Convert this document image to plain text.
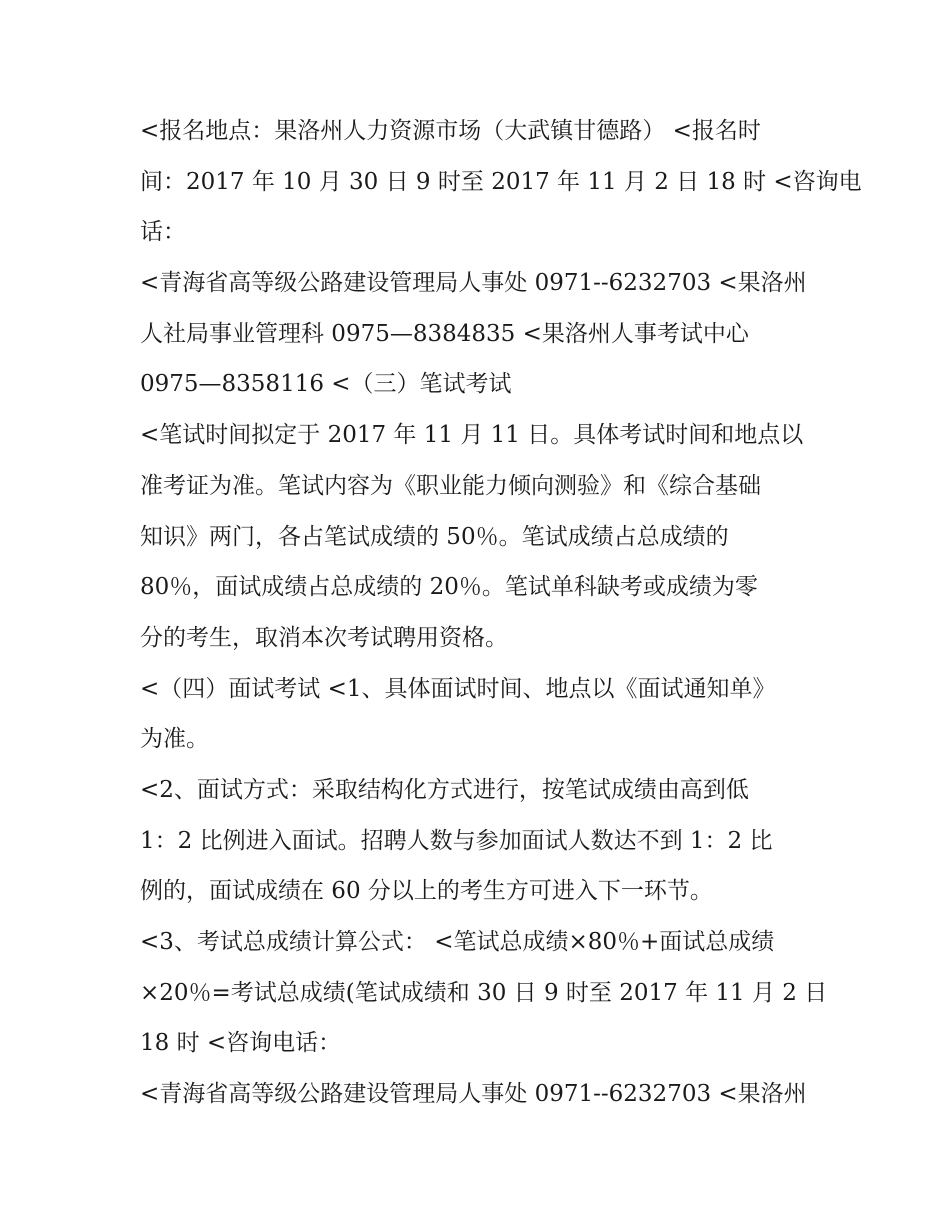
<报名地点：果洛州人力资源市场（大武镇甘德路） <报名时
间：2017 年 10 月 30 日 9 时至 2017 年 11 月 2 日 18 时 <咨询电
话：
<青海省高等级公路建设管理局人事处 0971--6232703 <果洛州
人社局事业管理科 0975—8384835 <果洛州人事考试中心
0975—8358116 <（三）笔试考试
<笔试时间拟定于 2017 年 11 月 11 日。具体考试时间和地点以
准考证为准。笔试内容为《职业能力倾向测验》和《综合基础
知识》两门，各占笔试成绩的 50％。笔试成绩占总成绩的
80％，面试成绩占总成绩的 20％。笔试单科缺考或成绩为零
分的考生，取消本次考试聘用资格。
<（四）面试考试 <1、具体面试时间、地点以《面试通知单》
为准。
<2、面试方式：采取结构化方式进行，按笔试成绩由高到低
1：2 比例进入面试。招聘人数与参加面试人数达不到 1：2 比
例的，面试成绩在 60 分以上的考生方可进入下一环节。
<3、考试总成绩计算公式： <笔试总成绩×80％+面试总成绩
×20％=考试总成绩(笔试成绩和 30 日 9 时至 2017 年 11 月 2 日
18 时 <咨询电话：
<青海省高等级公路建设管理局人事处 0971--6232703 <果洛州
